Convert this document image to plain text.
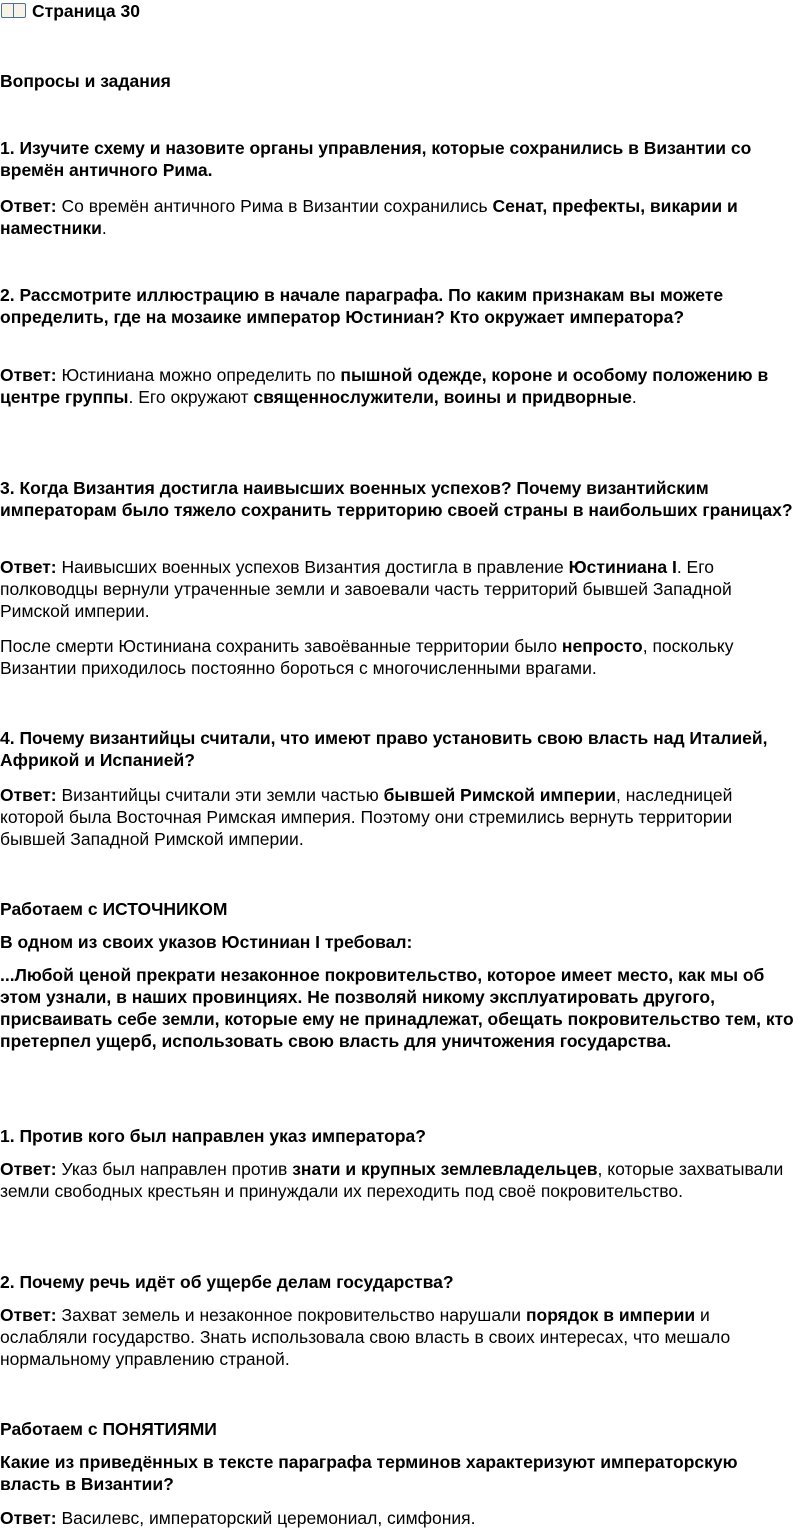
Страница 30
Вопросы и задания

1. Изучите схему и назовите органы управления, которые сохранились в Византии со времён античного Рима.

Ответ: Со времён античного Рима в Византии сохранились Сенат, префекты, викарии и наместники.

2. Рассмотрите иллюстрацию в начале параграфа. По каким признакам вы можете определить, где на мозаике император Юстиниан? Кто окружает императора?

Ответ: Юстиниана можно определить по пышной одежде, короне и особому положению в центре группы. Его окружают священнослужители, воины и придворные.

3. Когда Византия достигла наивысших военных успехов? Почему византийским императорам было тяжело сохранить территорию своей страны в наибольших границах?

Ответ: Наивысших военных успехов Византия достигла в правление Юстиниана I. Его полководцы вернули утраченные земли и завоевали часть территорий бывшей Западной Римской империи.

После смерти Юстиниана сохранить завоёванные территории было непросто, поскольку Византии приходилось постоянно бороться с многочисленными врагами.

4. Почему византийцы считали, что имеют право установить свою власть над Италией, Африкой и Испанией?

Ответ: Византийцы считали эти земли частью бывшей Римской империи, наследницей которой была Восточная Римская империя. Поэтому они стремились вернуть территории бывшей Западной Римской империи.

Работаем с ИСТОЧНИКОМ
В одном из своих указов Юстиниан I требовал:

...Любой ценой прекрати незаконное покровительство, которое имеет место, как мы об этом узнали, в наших провинциях. Не позволяй никому эксплуатировать другого, присваивать себе земли, которые ему не принадлежат, обещать покровительство тем, кто претерпел ущерб, использовать свою власть для уничтожения государства.

1. Против кого был направлен указ императора?

Ответ: Указ был направлен против знати и крупных землевладельцев, которые захватывали земли свободных крестьян и принуждали их переходить под своё покровительство.

2. Почему речь идёт об ущербе делам государства?

Ответ: Захват земель и незаконное покровительство нарушали порядок в империи и ослабляли государство. Знать использовала свою власть в своих интересах, что мешало нормальному управлению страной.

Работаем с ПОНЯТИЯМИ

Какие из приведённых в тексте параграфа терминов характеризуют императорскую власть в Византии?

Ответ: Василевс, императорский церемониал, симфония.
